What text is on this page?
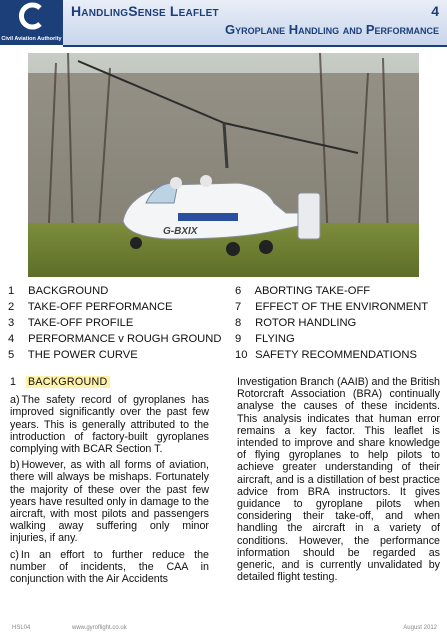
Civil Aviation Authority
HandlingSense Leaflet	4
Gyroplane Handling and Performance
G-BXIX
1 BACKGROUND
2 TAKE-OFF PERFORMANCE
3 TAKE-OFF PROFILE
4 PERFORMANCE v ROUGH GROUND
5 THE POWER CURVE
6 ABORTING TAKE-OFF
7 EFFECT OF THE ENVIRONMENT
8 ROTOR HANDLING
9 FLYING
10 SAFETY RECOMMENDATIONS
1 BACKGROUND

a) The safety record of gyroplanes has improved significantly over the past few years. This is generally attributed to the introduction of factory-built gyroplanes complying with BCAR Section T.

b) However, as with all forms of aviation, there will always be mishaps. Fortunately the majority of these over the past few years have resulted only in damage to the aircraft, with most pilots and passengers walking away suffering only minor injuries, if any.

c) In an effort to further reduce the number of incidents, the CAA in conjunction with the Air Accidents

Investigation Branch (AAIB) and the British Rotorcraft Association (BRA) continually analyse the causes of these incidents. This analysis indicates that human error remains a key factor. This leaflet is intended to improve and share knowledge of flying gyroplanes to help pilots to achieve greater understanding of their aircraft, and is a distillation of best practice advice from BRA instructors. It gives guidance to gyroplane pilots when considering their take-off, and when handling the aircraft in a variety of conditions. However, the performance information should be regarded as generic, and is currently unvalidated by detailed flight testing.

HSL04	www.gyroflight.co.uk	August 2012
